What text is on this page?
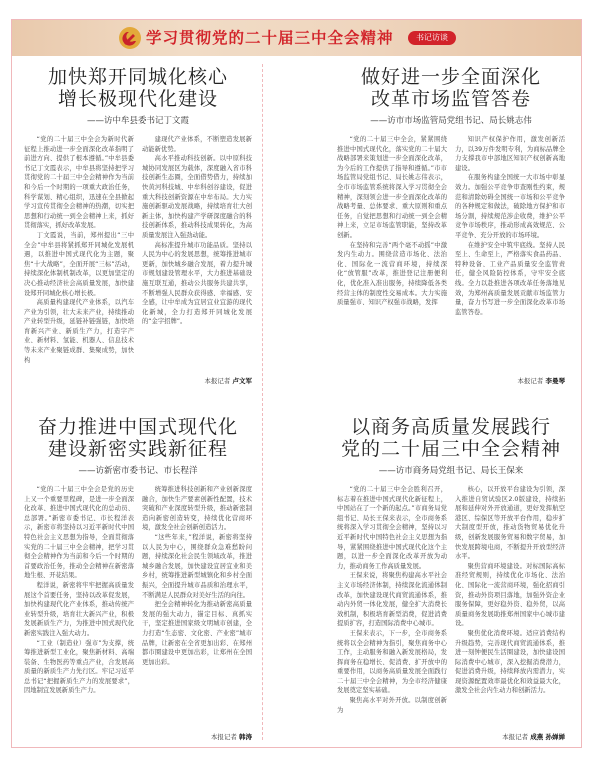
学习贯彻党的二十届三中全会精神	书记访谈
加快郑开同城化核心
增长极现代化建设
——访中牟县委书记丁文霞

“党的二十届三中全会为新时代新征程上推动进一步全面深化改革指明了前进方向、提供了根本遵循。”中牟县委书记丁文霞表示，中牟县将坚持把学习贯彻党的二十届三中全会精神作为当前和今后一个时期的一项重大政治任务，科学谋划、精心组织，迅速在全县掀起学习宣传贯彻全会精神的热潮，切实把思想和行动统一到全会精神上来，抓好贯彻落实，抓好改革发展。

丁文霞说，当前，郑州提出“三中全会”中牟县将紧抓郑开同城化发展机遇，以推进中国式现代化为主题，聚焦“十大战略”，全面开展“三标”活动，持续深化体制机制改革，以更加坚定的决心推动经济社会高质量发展，加快建设郑开同城化核心增长极。

高质量构建现代产业体系，以汽车产业为引领，壮大未来产业，持续推动产业转型升级，延链补链强链，加快培育新兴产业、新质生产力，打造字产业、新材料、氢能、机器人、信息技术等未来产业聚链成群、集聚成势，加快构

建现代产业体系，不断塑造发展新动能新优势。

高水平推动科技创新。以中原科技城协同发展区为载体，深度融入省市科技创新生态圈，全面借势借力，持续加快黄河科技城、中牟科创谷建设，促进重大科技创新资源在中牟布局。大力实施创新驱动发展战略，持续培育壮大创新主体，加快构建产学研深度融合的科技创新体系，推动科技成果转化，为高质量发展注入强劲动能。

高标准提升城市功能品质。坚持以人民为中心的发展思想，统筹推进城市更新，加快城乡融合发展，着力提升城市规划建设管理水平，大力推进基础设施互联互通，推动公共服务共建共享，不断增强人民群众获得感、幸福感、安全感，让中牟成为宜居宜业宜游的现代化新城，全力打造郑开同城化发展的“金字招牌”。

本报记者 卢文军
做好进一步全面深化
改革市场监管答卷
——访市市场监管局党组书记、局长姚志伟

“党的二十届三中全会，紧紧围绕推进中国式现代化，落实党的二十届大战略部署来策划进一步全面深化改革，为今后的工作提供了指导和遵循。”市市场监管局党组书记、局长姚志伟表示，全市市场监管系统将深入学习贯彻全会精神，深刻领会进一步全面深化改革的战略考量、总体要求、重大原则和重点任务，自觉把思想和行动统一到全会精神上来，立足市场监管职能，坚持改革创新。

在坚持和完善“两个毫不动摇”中激发内生动力。围绕营造市场化、法治化、国际化一流营商环境，持续深化“放管服”改革，推进登记注册便利化，优化准入准出服务，持续降低各类经营主体的制度性交易成本。大力实施质量强市、知识产权强市战略，发挥

知识产权保护作用，激发创新活力，以39万件发明专利，为商标品牌全力支撑我市中部地区知识产权创新高地建设。

在服务构建全国统一大市场中彰显效力。加强公平竞争审查刚性约束，规范和清除妨碍全国统一市场和公平竞争的各种规定和做法，破除地方保护和市场分割，持续规范涉企收费，维护公平竞争市场秩序，推动形成高效规范、公平竞争、充分开放的市场环境。

在维护安全中筑牢底线。坚持人民至上、生命至上，严格落实食品药品、特种设备、工业产品质量安全监管责任，健全风险防控体系，守牢安全底线。全力以赴推进各项改革任务落地见效，为郑州高质量发展贡献市场监管力量，奋力书写进一步全面深化改革市场监管答卷。

本报记者 李曼琴
奋力推进中国式现代化
建设新密实践新征程
——访新密市委书记、市长程洋

“党的二十届三中全会是党的历史上又一个重要里程碑，是进一步全面深化改革、推进中国式现代化的总动员、总部署。”新密市委书记、市长程洋表示，新密市将坚持以习近平新时代中国特色社会主义思想为指导，全面贯彻落实党的二十届三中全会精神，把学习贯彻全会精神作为当前和今后一个时期的首要政治任务，推动全会精神在新密落地生根、开花结果。

程洋说，新密将牢牢把握高质量发展这个首要任务，坚持以改革促发展，加快构建现代化产业体系，推动传统产业转型升级，培育壮大新兴产业，积极发展新质生产力，为推进中国式现代化新密实践注入强大动力。

“工业（制造业）强市”为支撑，统筹推进新型工业化，聚焦新材料、高端装备、生物医药等重点产业，合发展高质量的新质生产力先行区。牢记习近平总书记“把握新质生产力的发展要求”，因地制宜发展新质生产力。

统筹推进科技创新和产业创新深度融合，加快生产要素创新性配置，技术突破和产业深度转型升级，推动新密制造向新密创造转变，持续优化营商环境，激发全社会创新创造活力。

“这些年来，”程洋说，新密将坚持以人民为中心，围绕群众急难愁盼问题，持续深化社会民生领域改革，推进城乡融合发展，加快建设宜居宜业和美乡村，统筹推进新型城镇化和乡村全面振兴，全面提升城市品质和治理水平，不断满足人民群众对美好生活的向往。

把全会精神转化为推动新密高质量发展的强大动力，锚定目标、真抓实干，坚定推进国家级文明城市创建，全力打造“生态密、文化密、产业密”城市品牌，让新密在全省更加出彩、在郑州都市圈建设中更加出彩，让郑州在全国更加出彩。

本报记者 韩涛
以商务高质量发展践行
党的二十届三中全会精神
——访市商务局党组书记、局长王保来

“党的二十届三中全会胜利召开，标志着在推进中国式现代化新征程上，中国站在了一个新的起点。”市商务局党组书记、局长王保来表示，全市商务系统将深入学习贯彻全会精神，坚持以习近平新时代中国特色社会主义思想为指导，紧紧围绕推进中国式现代化这个主题，以进一步全面深化改革开放为动力，推动商务工作高质量发展。

王保来说，将聚焦构建高水平社会主义市场经济体制，持续深化流通体制改革，加快建设现代商贸流通体系，推动内外贸一体化发展，健全扩大消费长效机制，积极培育新型消费，促进消费提质扩容，打造国际消费中心城市。

王保来表示，下一步，全市商务系统将以全会精神为指引，聚焦商务中心工作，主动服务和融入新发展格局，发挥商务在稳增长、促消费、扩开放中的重要作用，以商务高质量发展全面践行二十届三中全会精神，为全市经济健康发展奠定坚实基础。

聚焦高水平对外开放。以制度创新为

核心，以开放平台建设为引领，深入推进自贸试验区2.0版建设，持续拓展和延伸对外开放通道，更好发挥航空港区、综保区等开放平台作用，稳步扩大制度型开放，推动货物贸易优化升级，创新发展服务贸易和数字贸易，加快发展跨境电商，不断提升开放型经济水平。

聚焦营商环境建设。对标国际高标准经贸规则，持续优化市场化、法治化、国际化一流营商环境，强化招商引资，推动外资项目落地，加强外资企业服务保障，更好稳外资、稳外贸，以高质量商务发展助推郑州国家中心城市建设。

聚焦优化消费环境。适应消费结构升级趋势，完善现代商贸流通体系，推进一刻钟便民生活圈建设，加快建设国际消费中心城市，深入挖掘消费潜力，促进消费升级，持续释放内需潜力，实现资源配置效率最优化和效益最大化，激发全社会内生动力和创新活力。

本报记者 成燕 孙婵婵
